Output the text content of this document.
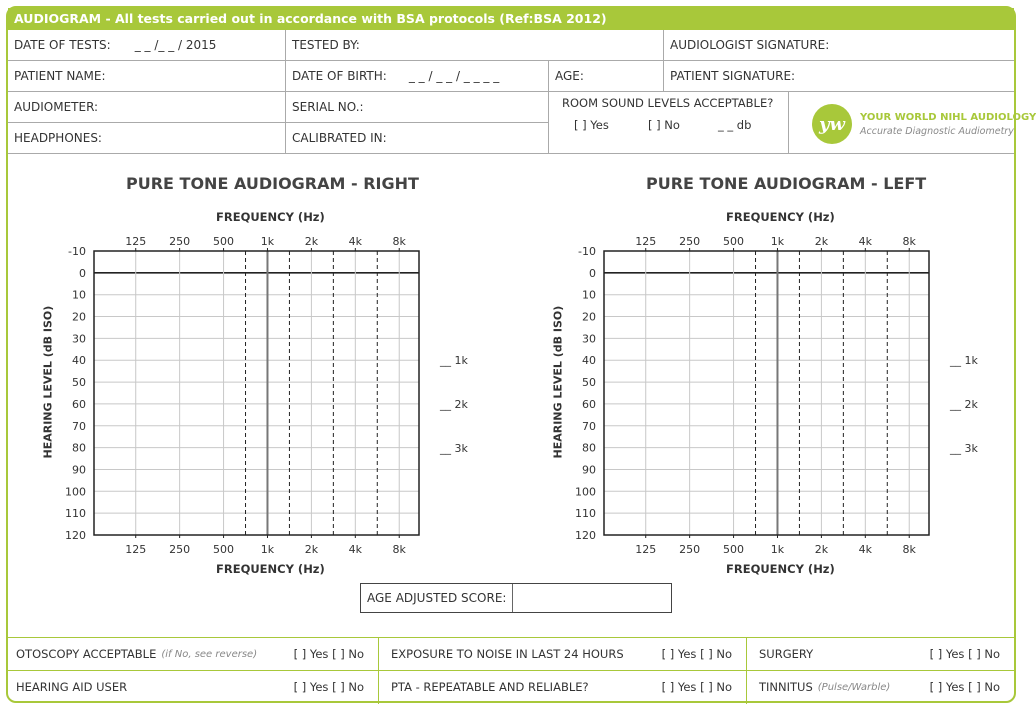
AUDIOGRAM - All tests carried out in accordance with BSA protocols (Ref:BSA 2012)
DATE OF TESTS: _ _ /_ _ / 2015	TESTED BY:	AUDIOLOGIST SIGNATURE:
PATIENT NAME:	DATE OF BIRTH: _ _ / _ _ / _ _ _ _	AGE:	PATIENT SIGNATURE:
AUDIOMETER:	SERIAL NO.:
HEADPHONES:	CALIBRATED IN:
ROOM SOUND LEVELS ACCEPTABLE?
[ ] Yes	[ ] No	_ _ db	yw	YOUR WORLD NIHL AUDIOLOGY
Accurate Diagnostic Audiometry
PURE TONE AUDIOGRAM - RIGHT
FREQUENCY (Hz)
FREQUENCY (Hz)
HEARING LEVEL (dB ISO)
-10
0
10
20
30
40
50
60
70
80
90
100
110
120
125
125
250
250
500
500
1k
1k
2k
2k
4k
4k
8k
8k
__ 1k
__ 2k
__ 3k
PURE TONE AUDIOGRAM - LEFT
FREQUENCY (Hz)
FREQUENCY (Hz)
HEARING LEVEL (dB ISO)
-10
0
10
20
30
40
50
60
70
80
90
100
110
120
125
125
250
250
500
500
1k
1k
2k
2k
4k
4k
8k
8k
__ 1k
__ 2k
__ 3k
AGE ADJUSTED SCORE:
OTOSCOPY ACCEPTABLE (if No, see reverse)	[ ] Yes [ ] No EXPOSURE TO NOISE IN LAST 24 HOURS	[ ] Yes [ ] No SURGERY	[ ] Yes [ ] No
HEARING AID USER	[ ] Yes [ ] No PTA - REPEATABLE AND RELIABLE?	[ ] Yes [ ] No TINNITUS (Pulse/Warble)	[ ] Yes [ ] No
